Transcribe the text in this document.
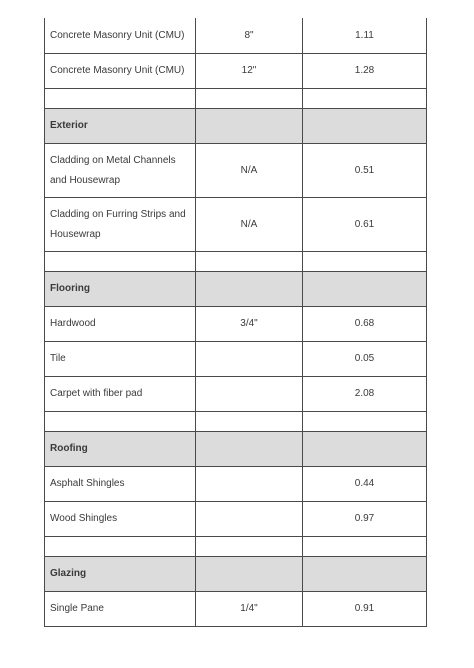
Concrete Masonry Unit (CMU)	8"	1.11
Concrete Masonry Unit (CMU)	12"	1.28

Exterior		
Cladding on Metal Channels and Housewrap	N/A	0.51
Cladding on Furring Strips and Housewrap	N/A	0.61

Flooring		
Hardwood	3/4"	0.68
Tile		0.05
Carpet with fiber pad		2.08

Roofing		
Asphalt Shingles		0.44
Wood Shingles		0.97

Glazing		
Single Pane	1/4"	0.91
